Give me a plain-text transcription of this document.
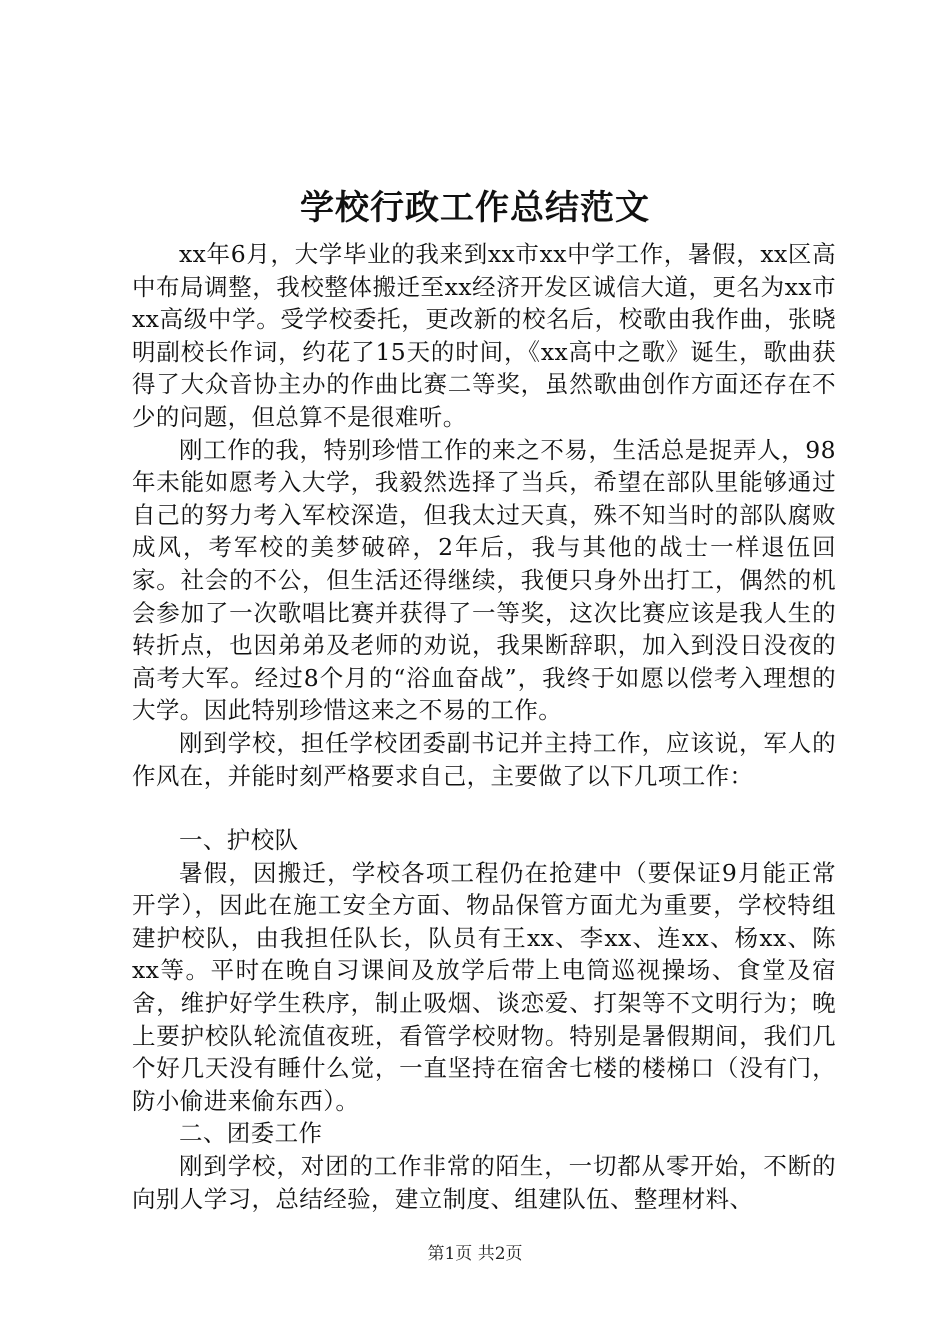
学校行政工作总结范文

xx年6月，大学毕业的我来到xx市xx中学工作，暑假，xx区高中布局调整，我校整体搬迁至xx经济开发区诚信大道，更名为xx市xx高级中学。受学校委托，更改新的校名后，校歌由我作曲，张晓明副校长作词，约花了15天的时间，《xx高中之歌》诞生，歌曲获得了大众音协主办的作曲比赛二等奖，虽然歌曲创作方面还存在不少的问题，但总算不是很难听。

刚工作的我，特别珍惜工作的来之不易，生活总是捉弄人，98年未能如愿考入大学，我毅然选择了当兵，希望在部队里能够通过自己的努力考入军校深造，但我太过天真，殊不知当时的部队腐败成风，考军校的美梦破碎，2年后，我与其他的战士一样退伍回家。社会的不公，但生活还得继续，我便只身外出打工，偶然的机会参加了一次歌唱比赛并获得了一等奖，这次比赛应该是我人生的转折点，也因弟弟及老师的劝说，我果断辞职，加入到没日没夜的高考大军。经过8个月的“浴血奋战”，我终于如愿以偿考入理想的大学。因此特别珍惜这来之不易的工作。

刚到学校，担任学校团委副书记并主持工作，应该说，军人的作风在，并能时刻严格要求自己，主要做了以下几项工作：

一、护校队

暑假，因搬迁，学校各项工程仍在抢建中（要保证9月能正常开学），因此在施工安全方面、物品保管方面尤为重要，学校特组建护校队，由我担任队长，队员有王xx、李xx、连xx、杨xx、陈xx等。平时在晚自习课间及放学后带上电筒巡视操场、食堂及宿舍，维护好学生秩序，制止吸烟、谈恋爱、打架等不文明行为；晚上要护校队轮流值夜班，看管学校财物。特别是暑假期间，我们几个好几天没有睡什么觉，一直坚持在宿舍七楼的楼梯口（没有门，防小偷进来偷东西）。

二、团委工作

刚到学校，对团的工作非常的陌生，一切都从零开始，不断的向别人学习，总结经验，建立制度、组建队伍、整理材料、

第1页 共2页
